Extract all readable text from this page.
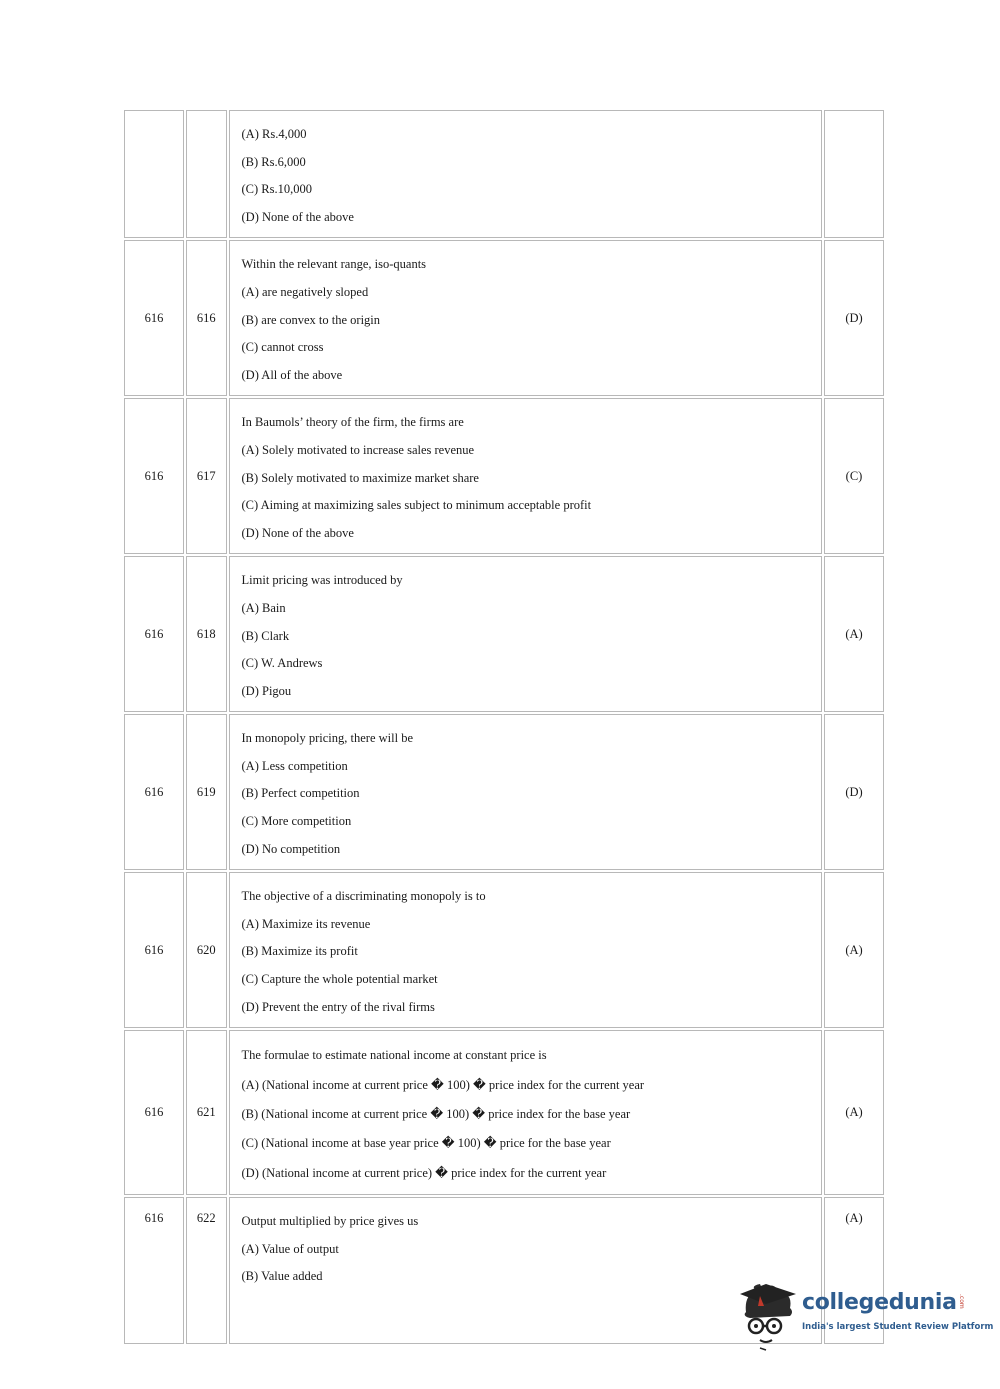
		(A) Rs.4,000
(B) Rs.6,000
(C) Rs.10,000
(D) None of the above	

616	616	Within the relevant range, iso-quants
(A) are negatively sloped
(B) are convex to the origin
(C) cannot cross
(D) All of the above	(D)
616	617	In Baumols’ theory of the firm, the firms are
(A) Solely motivated to increase sales revenue
(B) Solely motivated to maximize market share
(C) Aiming at maximizing sales subject to minimum acceptable profit
(D) None of the above	(C)
616	618	Limit pricing was introduced by
(A) Bain
(B) Clark
(C) W. Andrews
(D) Pigou	(A)
616	619	In monopoly pricing, there will be
(A) Less competition
(B) Perfect competition
(C) More competition
(D) No competition	(D)
616	620	The objective of a discriminating monopoly is to
(A) Maximize its revenue
(B) Maximize its profit
(C) Capture the whole potential market
(D) Prevent the entry of the rival firms	(A)
616	621	The formulae to estimate national income at constant price is
(A) (National income at current price � 100) � price index for the current year
(B) (National income at current price � 100) � price index for the base year
(C) (National income at base year price � 100) � price for the base year
(D) (National income at current price) � price index for the current year	(A)
616	622	Output multiplied by price gives us
(A) Value of output
(B) Value added	(A)
collegedunia .com
India's largest Student Review Platform
